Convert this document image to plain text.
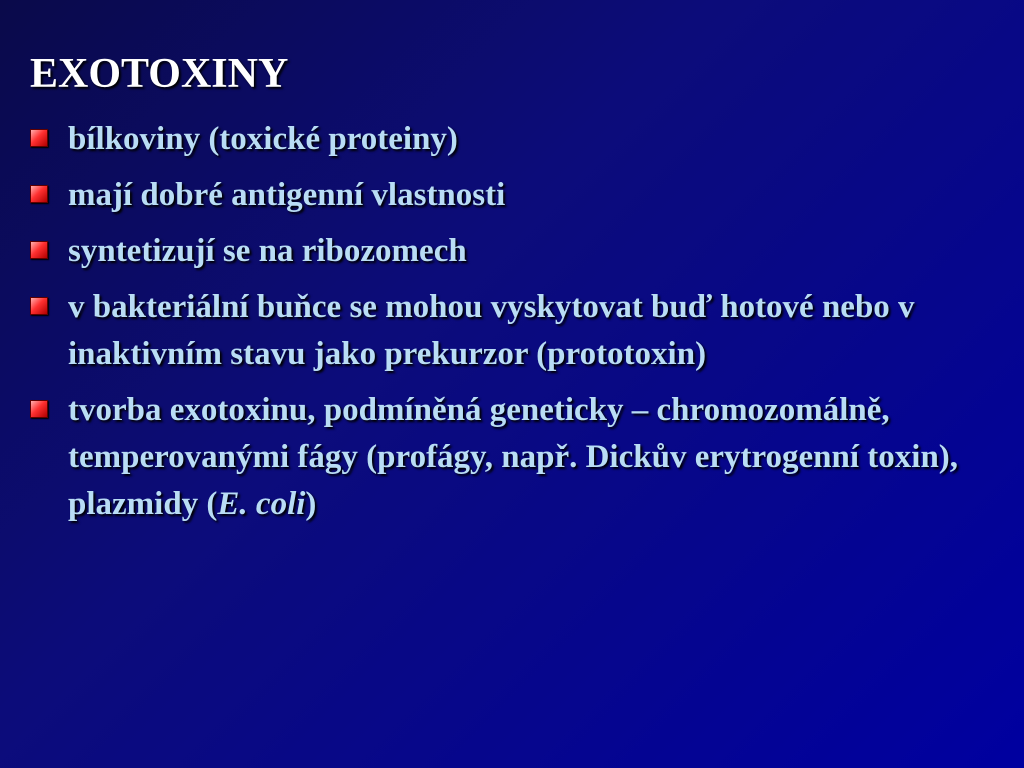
EXOTOXINY
bílkoviny (toxické proteiny)
mají dobré antigenní vlastnosti
syntetizují se na ribozomech
v bakteriální buňce se mohou vyskytovat buď hotové nebo v inaktivním stavu jako prekurzor (prototoxin)
tvorba exotoxinu, podmíněná geneticky – chromozomálně, temperovanými fágy (profágy, např. Dickův erytrogenní toxin), plazmidy (E. coli)
